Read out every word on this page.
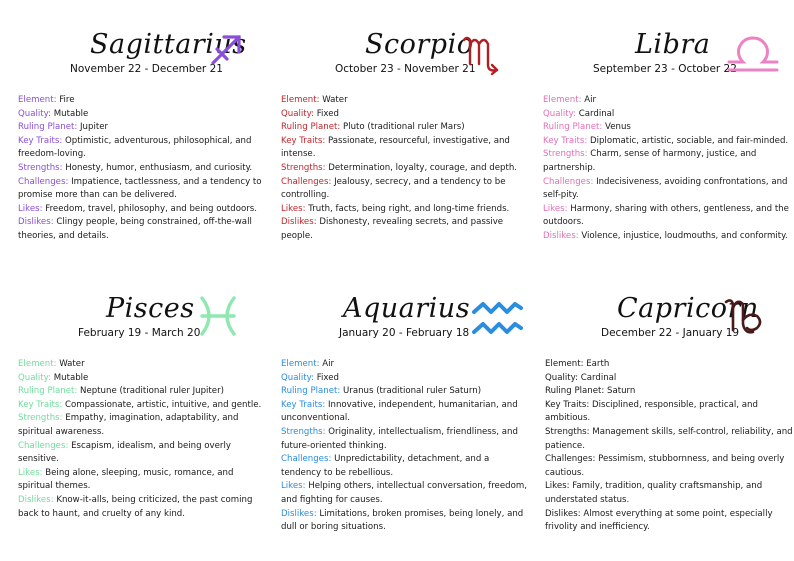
Sagittarius
November 22 - December 21
Element: Fire
Quality: Mutable
Ruling Planet: Jupiter
Key Traits: Optimistic, adventurous, philosophical, and freedom-loving.
Strengths: Honesty, humor, enthusiasm, and curiosity.
Challenges: Impatience, tactlessness, and a tendency to promise more than can be delivered.
Likes: Freedom, travel, philosophy, and being outdoors.
Dislikes: Clingy people, being constrained, off-the-wall theories, and details.
Scorpio
October 23 - November 21
Element: Water
Quality: Fixed
Ruling Planet: Pluto (traditional ruler Mars)
Key Traits: Passionate, resourceful, investigative, and intense.
Strengths: Determination, loyalty, courage, and depth.
Challenges: Jealousy, secrecy, and a tendency to be controlling.
Likes: Truth, facts, being right, and long-time friends.
Dislikes: Dishonesty, revealing secrets, and passive people.
Libra
September 23 - October 22
Element: Air
Quality: Cardinal
Ruling Planet: Venus
Key Traits: Diplomatic, artistic, sociable, and fair-minded.
Strengths: Charm, sense of harmony, justice, and partnership.
Challenges: Indecisiveness, avoiding confrontations, and self-pity.
Likes: Harmony, sharing with others, gentleness, and the outdoors.
Dislikes: Violence, injustice, loudmouths, and conformity.
Pisces
February 19 - March 20
Element: Water
Quality: Mutable
Ruling Planet: Neptune (traditional ruler Jupiter)
Key Traits: Compassionate, artistic, intuitive, and gentle.
Strengths: Empathy, imagination, adaptability, and spiritual awareness.
Challenges: Escapism, idealism, and being overly sensitive.
Likes: Being alone, sleeping, music, romance, and spiritual themes.
Dislikes: Know-it-alls, being criticized, the past coming back to haunt, and cruelty of any kind.
Aquarius
January 20 - February 18
Element: Air
Quality: Fixed
Ruling Planet: Uranus (traditional ruler Saturn)
Key Traits: Innovative, independent, humanitarian, and unconventional.
Strengths: Originality, intellectualism, friendliness, and future-oriented thinking.
Challenges: Unpredictability, detachment, and a tendency to be rebellious.
Likes: Helping others, intellectual conversation, freedom, and fighting for causes.
Dislikes: Limitations, broken promises, being lonely, and dull or boring situations.
Capricorn
December 22 - January 19
Element: Earth
Quality: Cardinal
Ruling Planet: Saturn
Key Traits: Disciplined, responsible, practical, and ambitious.
Strengths: Management skills, self-control, reliability, and patience.
Challenges: Pessimism, stubbornness, and being overly cautious.
Likes: Family, tradition, quality craftsmanship, and understated status.
Dislikes: Almost everything at some point, especially frivolity and inefficiency.
